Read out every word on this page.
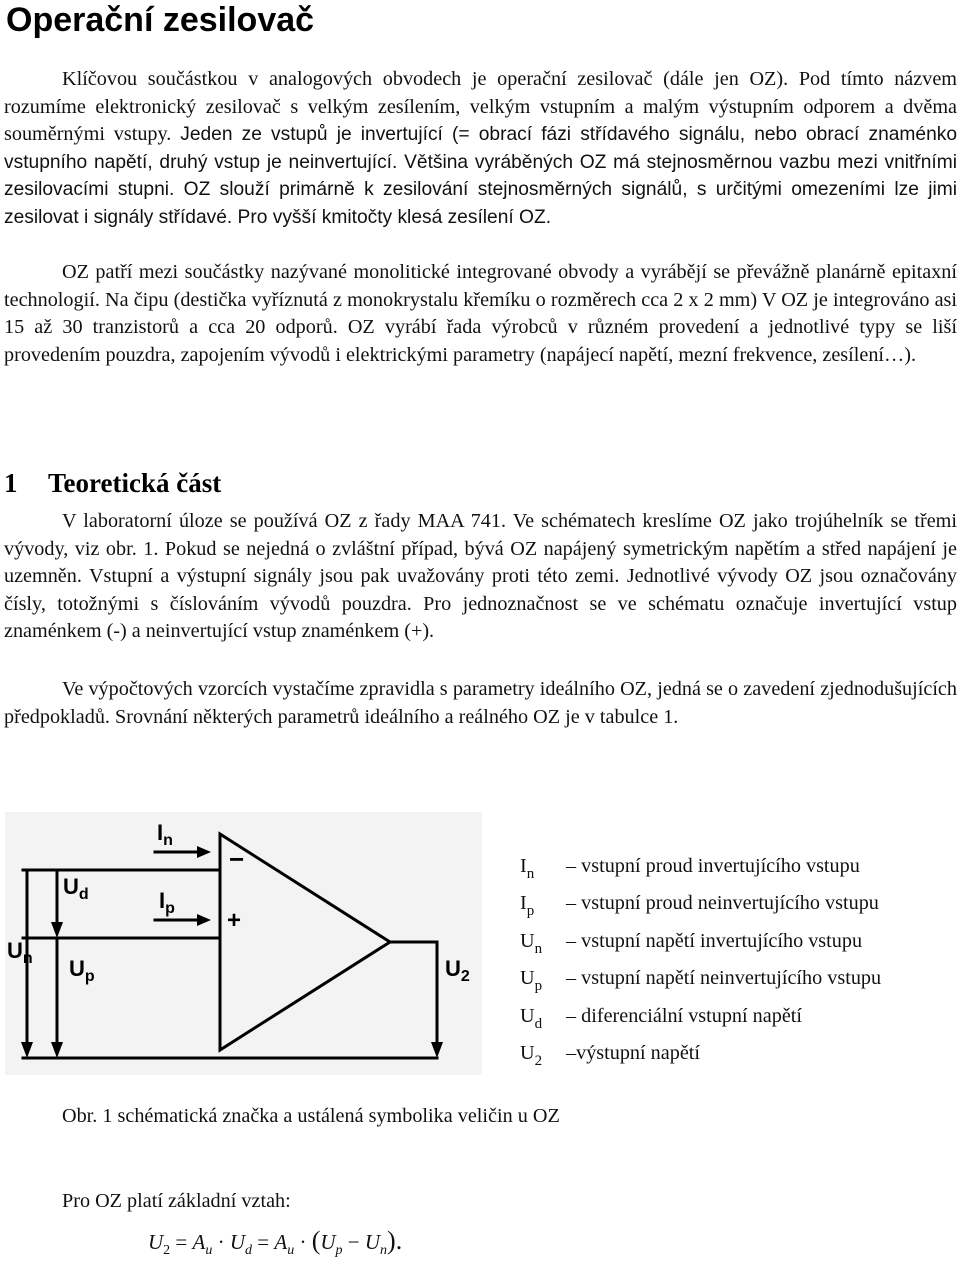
Operační zesilovač

Klíčovou součástkou v analogových obvodech je operační zesilovač (dále jen OZ). Pod tímto názvem rozumíme elektronický zesilovač s velkým zesílením, velkým vstupním a malým výstupním odporem a dvěma souměrnými vstupy. Jeden ze vstupů je invertující (= obrací fázi střídavého signálu, nebo obrací znaménko vstupního napětí, druhý vstup je neinvertující. Většina vyráběných OZ má stejnosměrnou vazbu mezi vnitřními zesilovacími stupni. OZ slouží primárně k zesilování stejnosměrných signálů, s určitými omezeními lze jimi zesilovat i signály střídavé. Pro vyšší kmitočty klesá zesílení OZ.

OZ patří mezi součástky nazývané monolitické integrované obvody a vyrábějí se převážně planárně epitaxní technologií. Na čipu (destička vyříznutá z monokrystalu křemíku o rozměrech cca 2 x 2 mm) V OZ je integrováno asi 15 až 30 tranzistorů a cca 20 odporů. OZ vyrábí řada výrobců v různém provedení a jednotlivé typy se liší provedením pouzdra, zapojením vývodů i elektrickými parametry (napájecí napětí, mezní frekvence, zesílení…).

1 Teoretická část

V laboratorní úloze se používá OZ z řady MAA 741. Ve schématech kreslíme OZ jako trojúhelník se třemi vývody, viz obr. 1. Pokud se nejedná o zvláštní případ, bývá OZ napájený symetrickým napětím a střed napájení je uzemněn. Vstupní a výstupní signály jsou pak uvažovány proti této zemi. Jednotlivé vývody OZ jsou označovány čísly, totožnými s číslováním vývodů pouzdra. Pro jednoznačnost se ve schématu označuje invertující vstup znaménkem (-) a neinvertující vstup znaménkem (+).

Ve výpočtových vzorcích vystačíme zpravidla s parametry ideálního OZ, jedná se o zavedení zjednodušujících předpokladů. Srovnání některých parametrů ideálního a reálného OZ je v tabulce 1.

−
+
$I_n$
$I_p$
$U_d$
$U_n$ $U_p$	$U_2$
$I_n$ – vstupní proud invertujícího vstupu
$I_p$ – vstupní proud neinvertujícího vstupu
$U_n$ – vstupní napětí invertujícího vstupu
$U_p$ – vstupní napětí neinvertujícího vstupu
$U_d$ – diferenciální vstupní napětí
$U_2$ –výstupní napětí
Obr. 1 schématická značka a ustálená symbolika veličin u OZ
Pro OZ platí základní vztah:
$U_2 = A_u \cdot U_d = A_u \cdot (U_p - U_n)$.
